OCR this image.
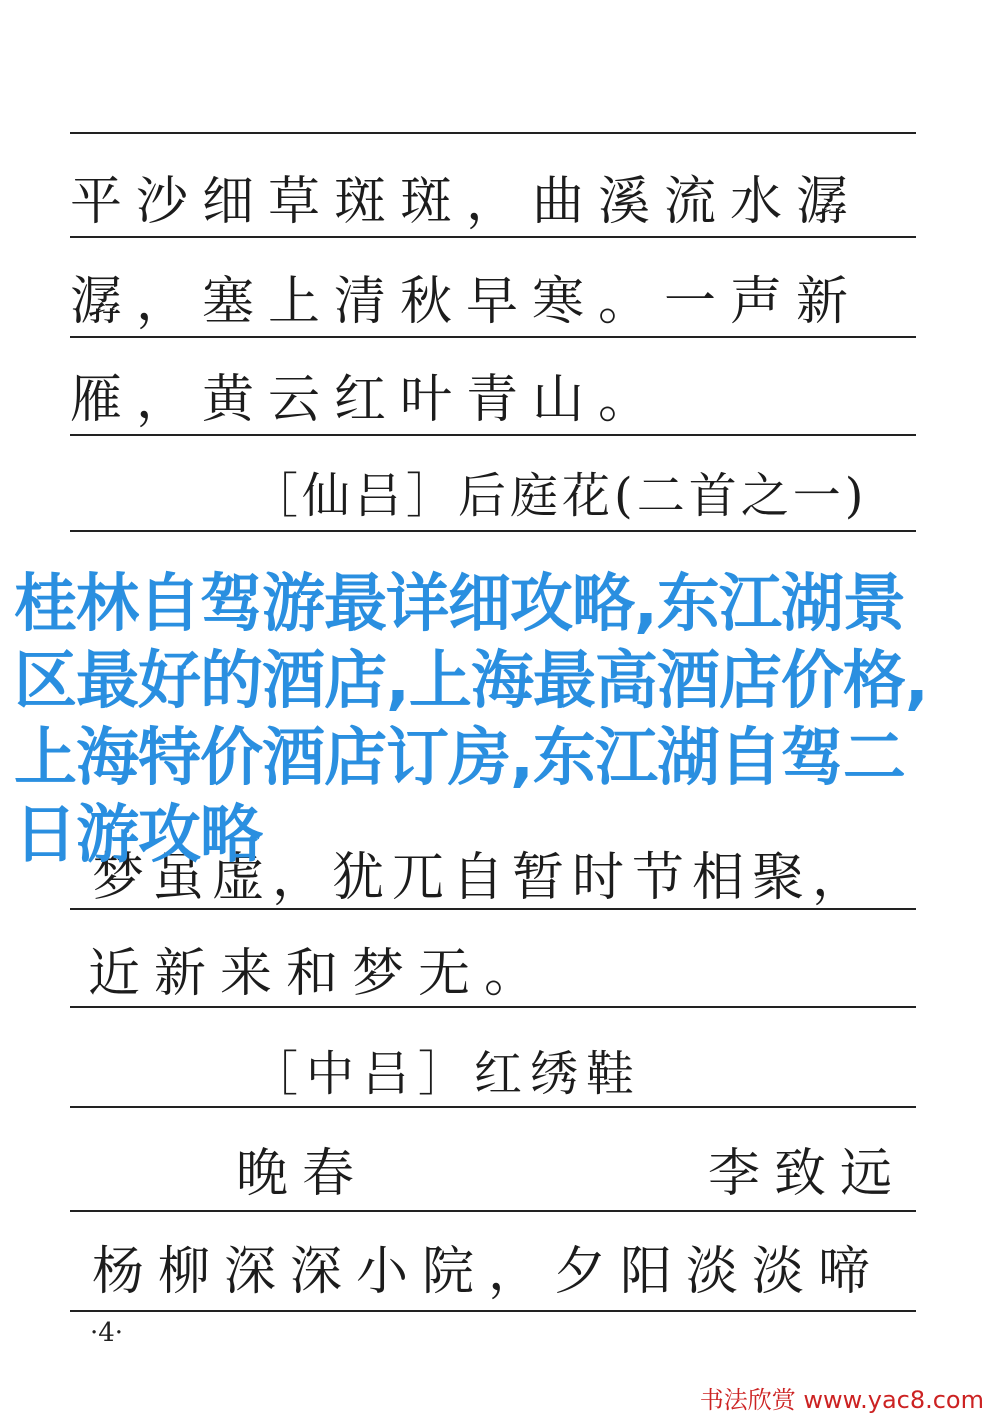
平沙细草斑斑，曲溪流水潺
潺，塞上清秋早寒。一声新
雁，黄云红叶青山。
［仙吕］后庭花(二首之一)
梦虽虚，犹兀自暂时节相聚，
近新来和梦无。
［中吕］红绣鞋
晚春	李致远
杨柳深深小院，夕阳淡淡啼
桂林自驾游最详细攻略,东江湖景区最好的酒店,上海最高酒店价格,上海特价酒店订房,东江湖自驾二日游攻略
·4·
书法欣赏 www.yac8.com
